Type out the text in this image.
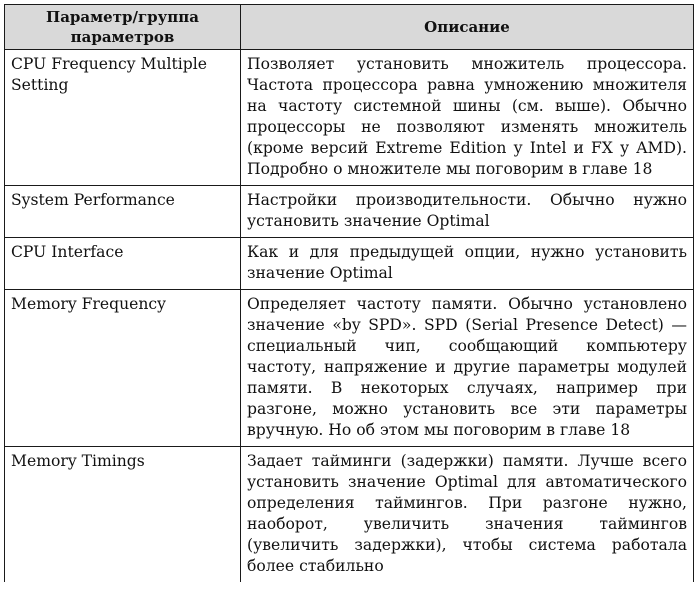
Параметр/группа параметров	Описание
CPU Frequency Multiple Setting	Позволяет установить множитель процессора. Частота процессора равна умножению множителя на частоту системной шины (см. выше). Обычно процессоры не позволяют изменять множитель (кроме версий Extreme Edition у Intel и FX у AMD). Подробно о множителе мы поговорим в главе 18
System Performance	Настройки производительности. Обычно нужно установить значение Optimal
CPU Interface	Как и для предыдущей опции, нужно установить значение Optimal
Memory Frequency	Определяет частоту памяти. Обычно установлено значение «by SPD». SPD (Serial Presence Detect) — специальный чип, сообщающий компьютеру частоту, напряжение и другие параметры модулей памяти. В некоторых случаях, например при разгоне, можно установить все эти параметры вручную. Но об этом мы поговорим в главе 18
Memory Timings	Задает тайминги (задержки) памяти. Лучше всего установить значение Optimal для автоматического определения таймингов. При разгоне нужно, наоборот, увеличить значения таймингов (увеличить задержки), чтобы система работала более стабильно
